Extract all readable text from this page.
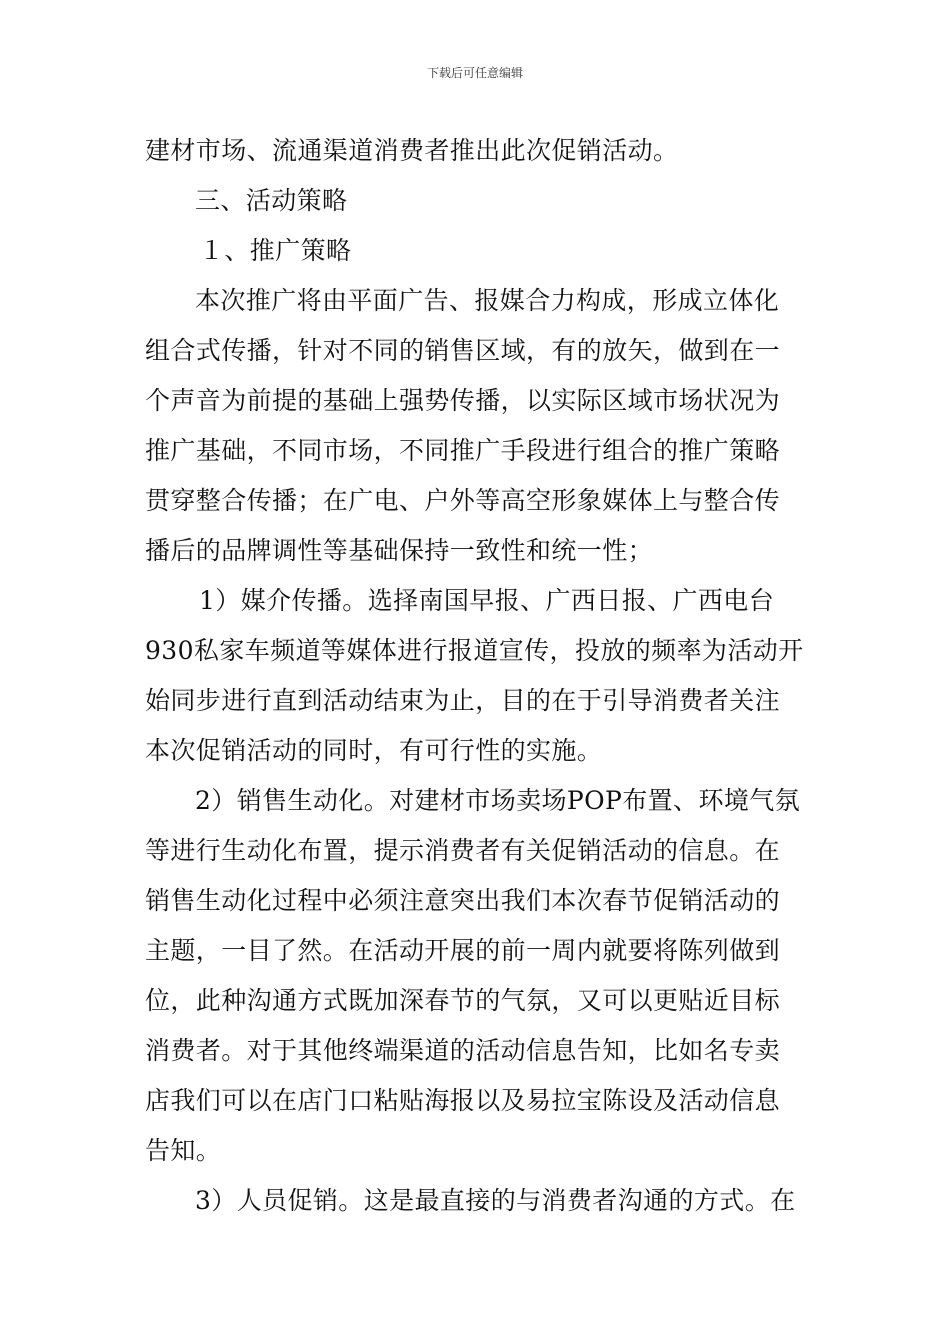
下载后可任意编辑
建材市场、流通渠道消费者推出此次促销活动。
三、活动策略
１、推广策略
本次推广将由平面广告、报媒合力构成，形成立体化
组合式传播，针对不同的销售区域，有的放矢，做到在一
个声音为前提的基础上强势传播，以实际区域市场状况为
推广基础，不同市场，不同推广手段进行组合的推广策略
贯穿整合传播；在广电、户外等高空形象媒体上与整合传
播后的品牌调性等基础保持一致性和统一性；
1）媒介传播。选择南国早报、广西日报、广西电台
930私家车频道等媒体进行报道宣传，投放的频率为活动开
始同步进行直到活动结束为止，目的在于引导消费者关注
本次促销活动的同时，有可行性的实施。
2）销售生动化。对建材市场卖场POP布置、环境气氛
等进行生动化布置，提示消费者有关促销活动的信息。在
销售生动化过程中必须注意突出我们本次春节促销活动的
主题，一目了然。在活动开展的前一周内就要将陈列做到
位，此种沟通方式既加深春节的气氛，又可以更贴近目标
消费者。对于其他终端渠道的活动信息告知，比如名专卖
店我们可以在店门口粘贴海报以及易拉宝陈设及活动信息
告知。
3）人员促销。这是最直接的与消费者沟通的方式。在
